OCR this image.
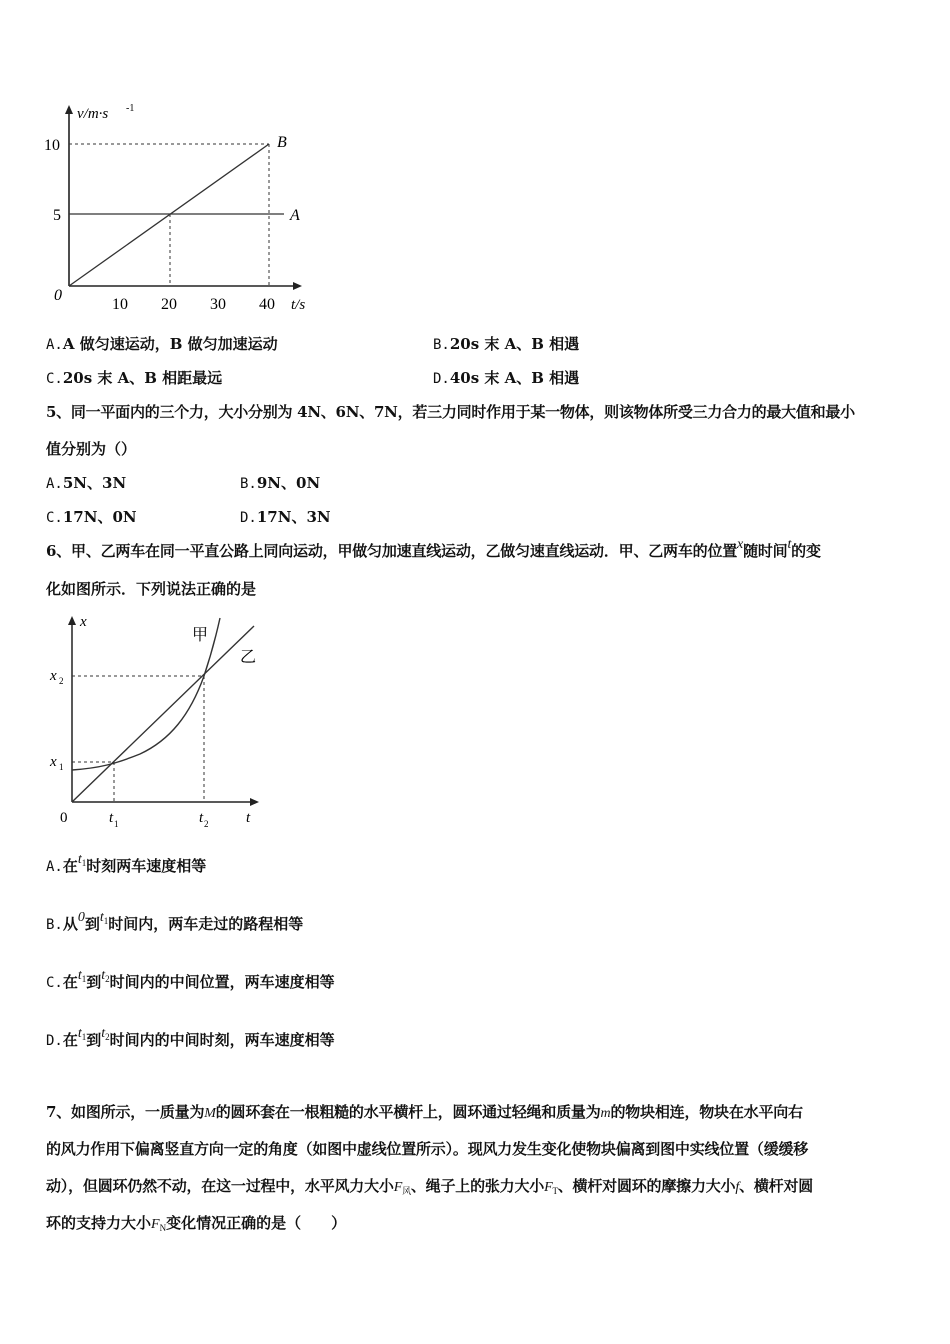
v/m·s -1
10
5
0
10 20 30 40 t/s
A
B
A.A 做匀速运动，B 做匀加速运动	B.20s 末 A、B 相遇
C.20s 末 A、B 相距最远	D.40s 末 A、B 相遇
5、同一平面内的三个力，大小分别为 4N、6N、7N，若三力同时作用于某一物体，则该物体所受三力合力的最大值和最小
值分别为（）
A.5N、3N	B.9N、0N
C.17N、0N	D.17N、3N
6、甲、乙两车在同一平直公路上同向运动，甲做匀加速直线运动，乙做匀速直线运动．甲、乙两车的位置x随时间t的变
化如图所示．下列说法正确的是
x
甲
乙
x 2
x 1
0	t 1	t 2	t
A.在$t_1$时刻两车速度相等
B.从0到$t_1$时间内，两车走过的路程相等
C.在$t_1$到$t_2$时间内的中间位置，两车速度相等
D.在$t_1$到$t_2$时间内的中间时刻，两车速度相等
7、如图所示，一质量为M的圆环套在一根粗糙的水平横杆上，圆环通过轻绳和质量为m的物块相连，物块在水平向右
的风力作用下偏离竖直方向一定的角度（如图中虚线位置所示）。现风力发生变化使物块偏离到图中实线位置（缓缓移
动），但圆环仍然不动，在这一过程中，水平风力大小$F_风$、绳子上的张力大小$F_T$、横杆对圆环的摩擦力大小f、横杆对圆
环的支持力大小$F_N$变化情况正确的是（　　）
